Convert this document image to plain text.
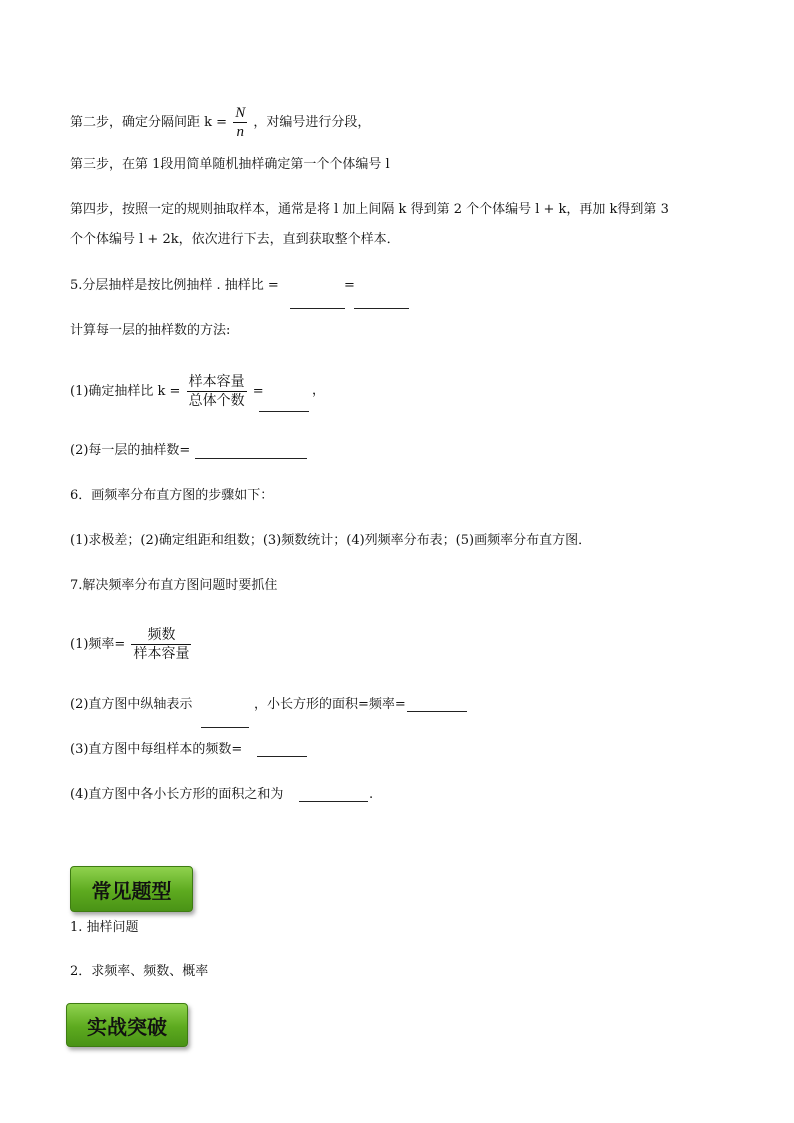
第二步，确定分隔间距 $k = \frac{N}{n}$ ，对编号进行分段，
第三步，在第 1段用简单随机抽样确定第一个个体编号 l
第四步，按照一定的规则抽取样本，通常是将 l 加上间隔 k 得到第 2 个个体编号 l + k，再加 k得到第 3
个个体编号 l + 2k，依次进行下去，直到获取整个样本．
5.分层抽样是按比例抽样 . 抽样比 =	=
计算每一层的抽样数的方法:
(1)确定抽样比 $k = \frac{\text{样本容量}}{\text{总体个数}}$ =	，
(2)每一层的抽样数=
6．画频率分布直方图的步骤如下：
(1)求极差；(2)确定组距和组数；(3)频数统计；(4)列频率分布表；(5)画频率分布直方图．
7.解决频率分布直方图问题时要抓住
(1)频率= $\frac{\text{频数}}{\text{样本容量}}$
(2)直方图中纵轴表示	，小长方形的面积=频率=
(3)直方图中每组样本的频数=
(4)直方图中各小长方形的面积之和为	.
常见题型
1. 抽样问题
2．求频率、频数、概率
实战突破
